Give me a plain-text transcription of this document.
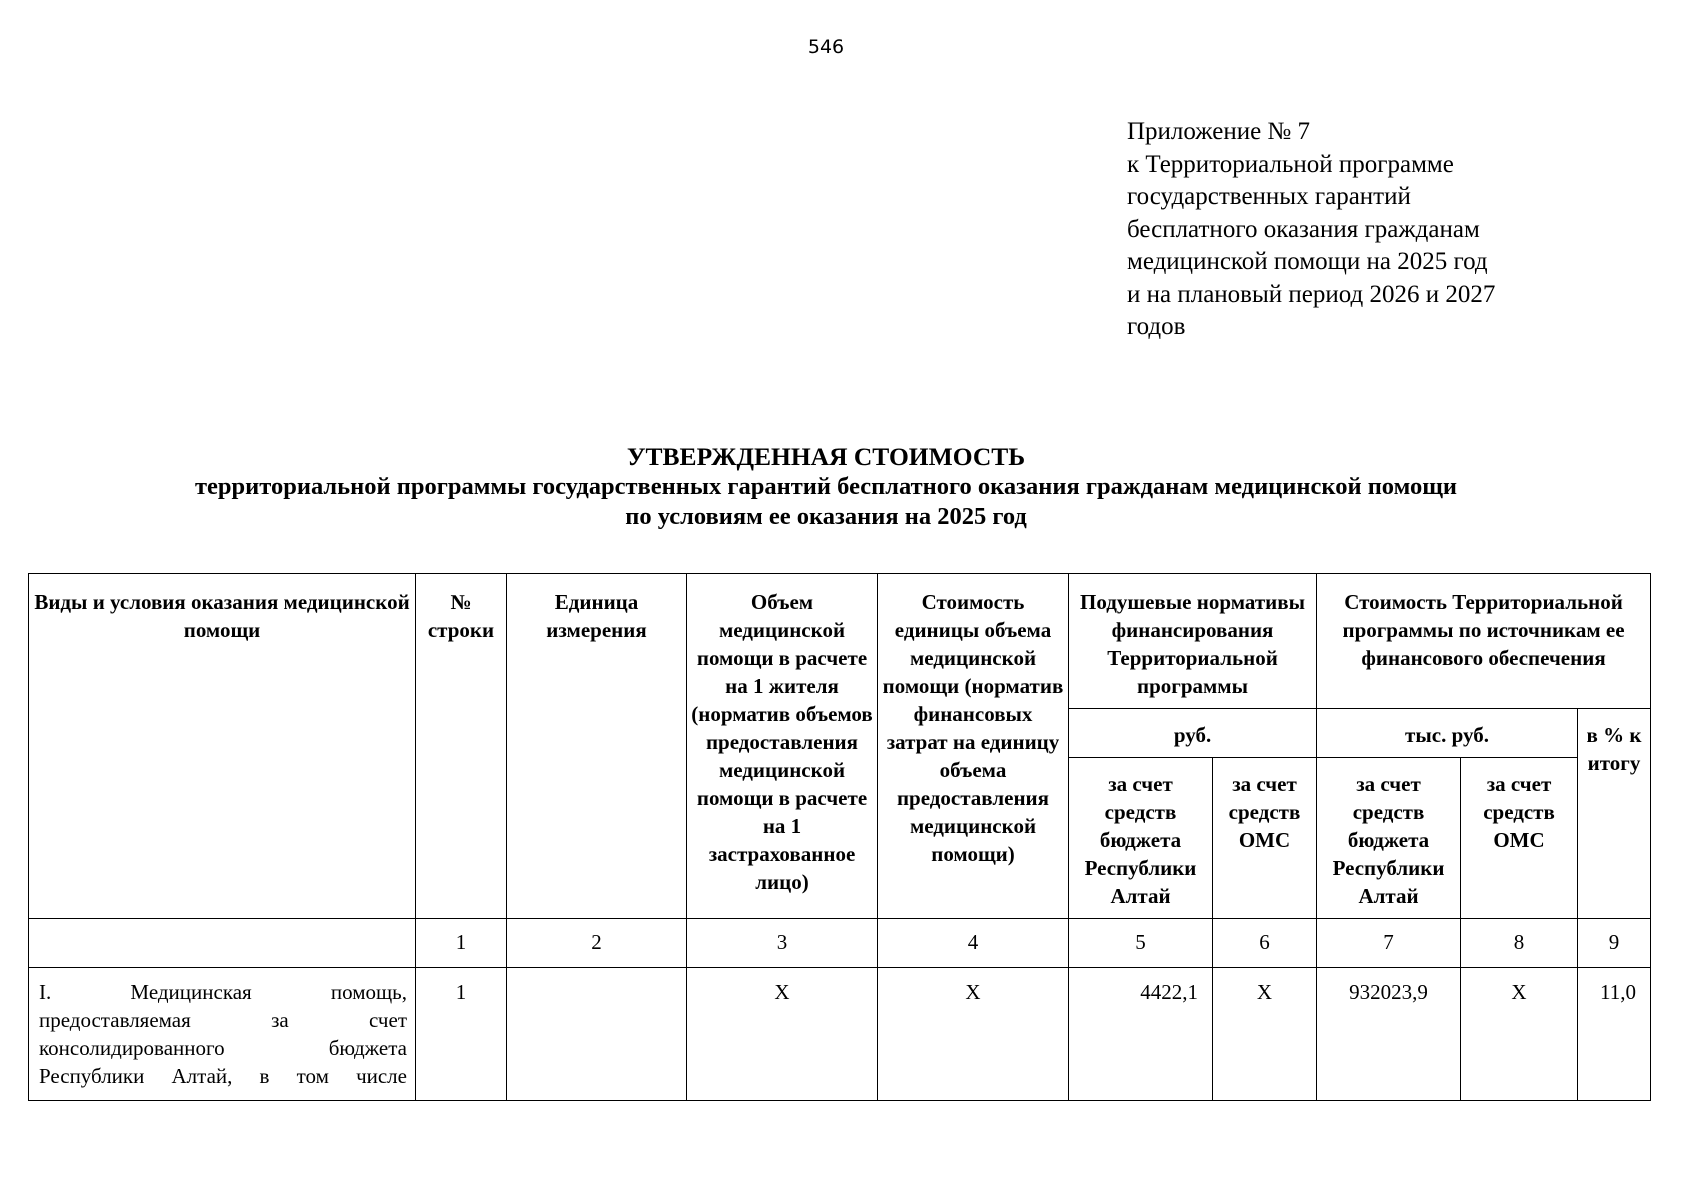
546
Приложение № 7
к Территориальной программе
государственных гарантий
бесплатного оказания гражданам
медицинской помощи на 2025 год
и на плановый период 2026 и 2027
годов
УТВЕРЖДЕННАЯ СТОИМОСТЬ
территориальной программы государственных гарантий бесплатного оказания гражданам медицинской помощи
по условиям ее оказания на 2025 год
Виды и условия оказания медицинской помощи	№ строки	Единица измерения	Объем медицинской помощи в расчете на 1 жителя (норматив объемов предоставления медицинской помощи в расчете на 1 застрахованное лицо)	Стоимость единицы объема медицинской помощи (норматив финансовых затрат на единицу объема предоставления медицинской помощи)	Подушевые нормативы финансирования Территориальной программы		Стоимость Территориальной программы по источникам ее финансового обеспечения		
					руб.		тыс. руб.		в % к итогу
					за счет средств бюджета Республики Алтай	за счет средств ОМС	за счет средств бюджета Республики Алтай	за счет средств ОМС	
	1	2	3	4	5	6	7	8	9

I. Медицинская помощь,
предоставляемая за счет
консолидированного бюджета
Республики Алтай, в том числе	1		Х	Х	4422,1	Х	932023,9	Х	11,0
